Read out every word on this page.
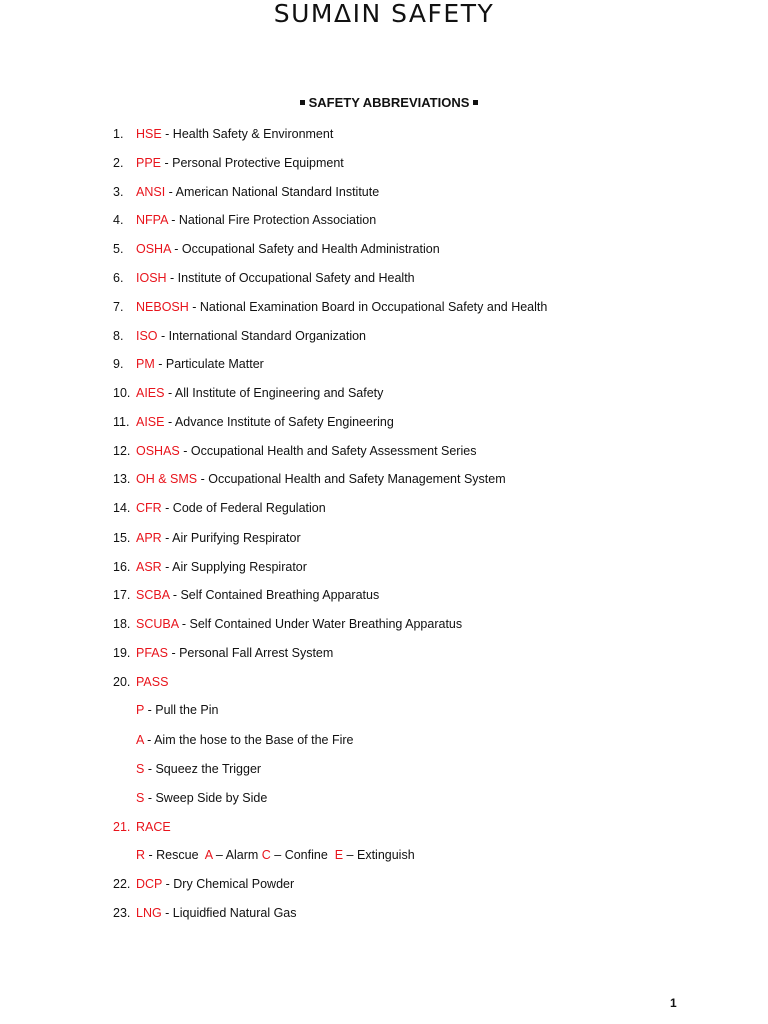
SUMΔIN SAFETY
SAFETY ABBREVIATIONS
1.	HSE - Health Safety & Environment
2.	PPE - Personal Protective Equipment
3.	ANSI - American National Standard Institute
4.	NFPA - National Fire Protection Association
5.	OSHA - Occupational Safety and Health Administration
6.	IOSH - Institute of Occupational Safety and Health
7.	NEBOSH - National Examination Board in Occupational Safety and Health
8.	ISO - International Standard Organization
9.	PM - Particulate Matter
10. AIES - All Institute of Engineering and Safety
11. AISE - Advance Institute of Safety Engineering
12. OSHAS - Occupational Health and Safety Assessment Series
13. OH & SMS - Occupational Health and Safety Management System
14. CFR - Code of Federal Regulation
15. APR - Air Purifying Respirator
16. ASR - Air Supplying Respirator
17. SCBA - Self Contained Breathing Apparatus
18. SCUBA - Self Contained Under Water Breathing Apparatus
19. PFAS - Personal Fall Arrest System
20. PASS
P - Pull the Pin
A - Aim the hose to the Base of the Fire
S - Squeez the Trigger
S - Sweep Side by Side
21. RACE
R - Rescue  A – Alarm C – Confine  E – Extinguish
22. DCP - Dry Chemical Powder
23. LNG - Liquidfied Natural Gas
1
